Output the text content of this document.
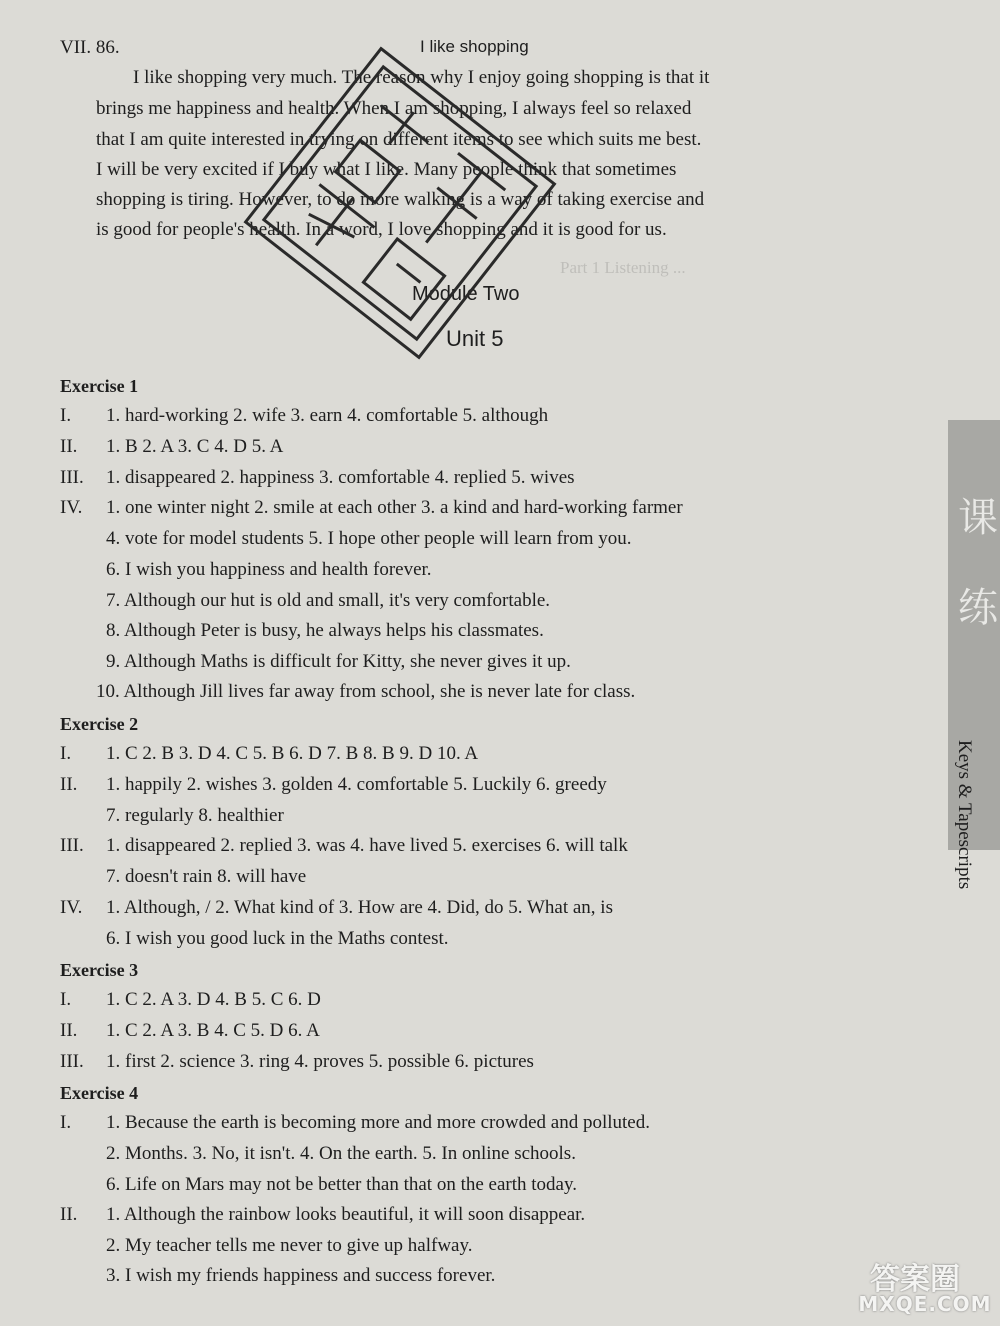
Part 1 Listening ...
VII. 86.	I like shopping
I like shopping very much. The reason why I enjoy going shopping is that it
brings me happiness and health. When I am shopping, I always feel so relaxed
that I am quite interested in trying on different items to see which suits me best.
I will be very excited if I buy what I like. Many people think that sometimes
shopping is tiring. However, to do more walking is a way of taking exercise and
is good for people's health. In a word, I love shopping and it is good for us.
Module Two
Unit 5
Exercise 1
I.	1. hard-working 2. wife 3. earn 4. comfortable 5. although
II.	1. B 2. A 3. C 4. D 5. A
III.	1. disappeared 2. happiness 3. comfortable 4. replied 5. wives
IV.	1. one winter night 2. smile at each other 3. a kind and hard-working farmer
4. vote for model students 5. I hope other people will learn from you.
6. I wish you happiness and health forever.
7. Although our hut is old and small, it's very comfortable.
8. Although Peter is busy, he always helps his classmates.
9. Although Maths is difficult for Kitty, she never gives it up.
10. Although Jill lives far away from school, she is never late for class.
Exercise 2
I.	1. C 2. B 3. D 4. C 5. B 6. D 7. B 8. B 9. D 10. A
II.	1. happily 2. wishes 3. golden 4. comfortable 5. Luckily 6. greedy
7. regularly 8. healthier
III.	1. disappeared 2. replied 3. was 4. have lived 5. exercises 6. will talk
7. doesn't rain 8. will have
IV.	1. Although, / 2. What kind of 3. How are 4. Did, do 5. What an, is
6. I wish you good luck in the Maths contest.
Exercise 3
I.	1. C 2. A 3. D 4. B 5. C 6. D
II.	1. C 2. A 3. B 4. C 5. D 6. A
III.	1. first 2. science 3. ring 4. proves 5. possible 6. pictures
Exercise 4
I.	1. Because the earth is becoming more and more crowded and polluted.
2. Months. 3. No, it isn't. 4. On the earth. 5. In online schools.
6. Life on Mars may not be better than that on the earth today.
II.	1. Although the rainbow looks beautiful, it will soon disappear.
2. My teacher tells me never to give up halfway.
3. I wish my friends happiness and success forever.
课
练
Keys & Tapescripts
答案圈
MXQE.COM
